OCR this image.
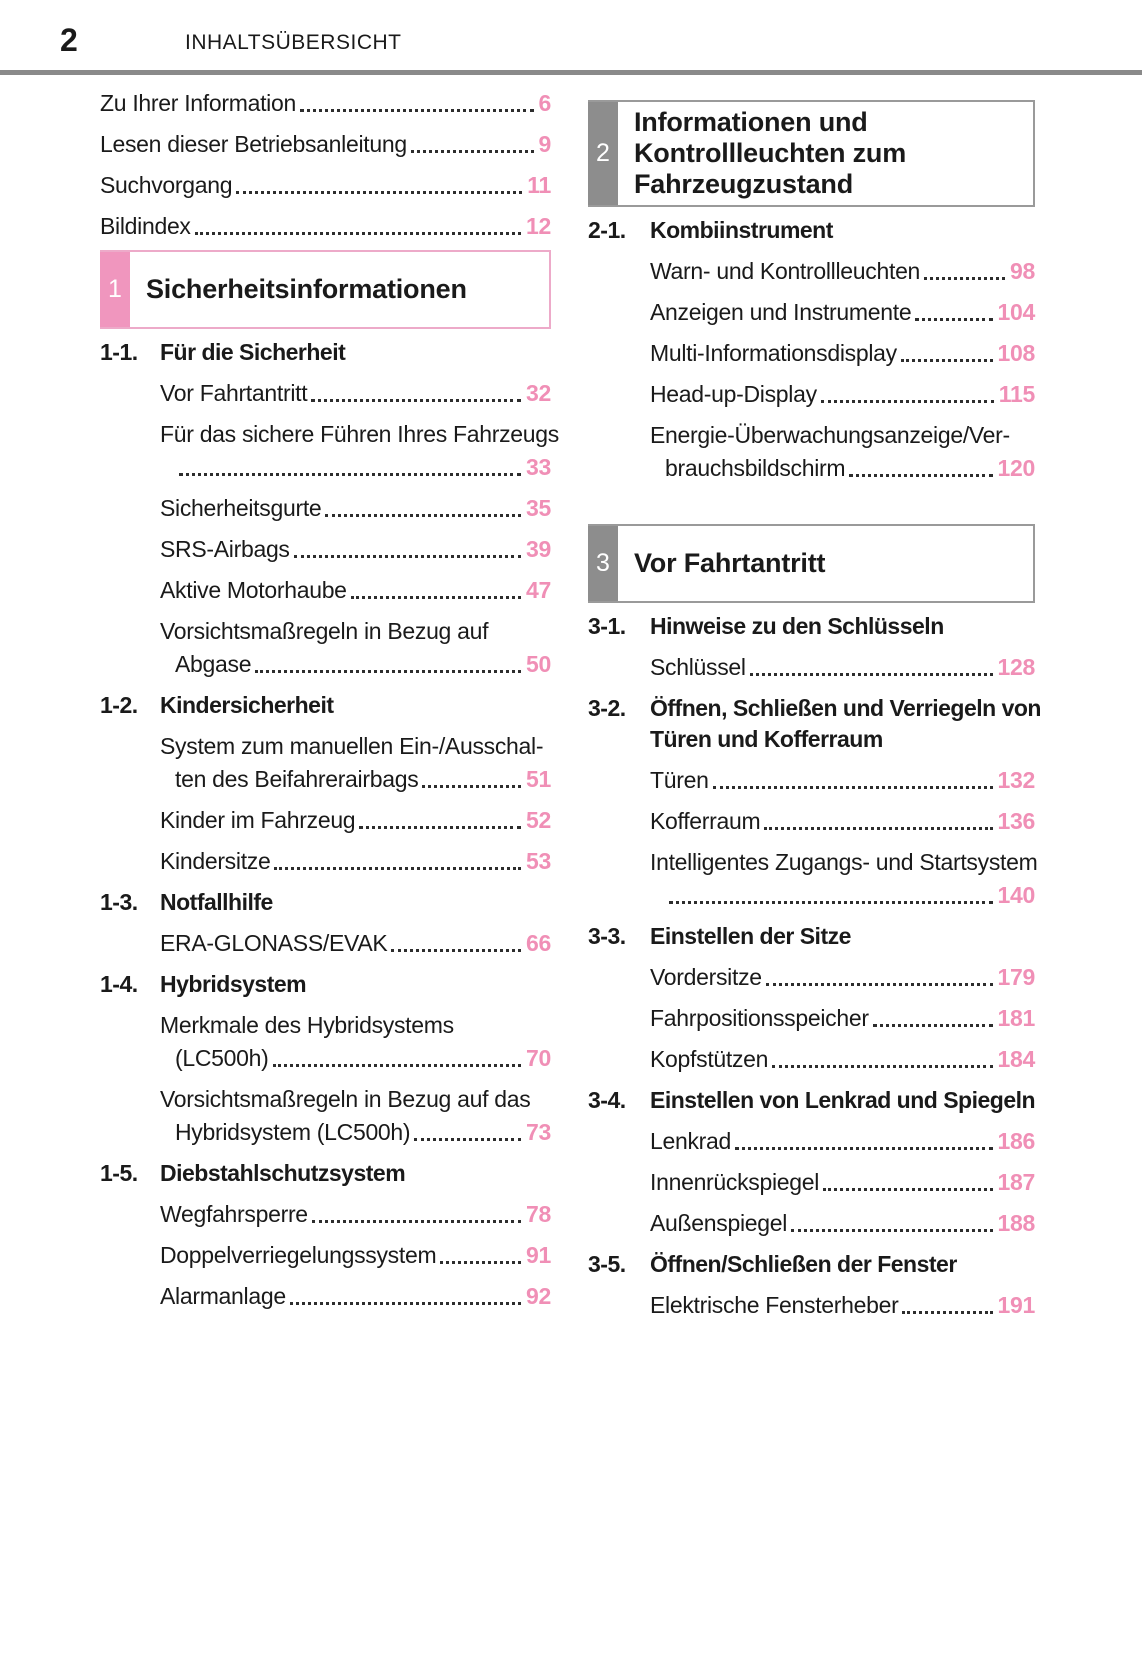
2	INHALTSÜBERSICHT
Zu Ihrer Information	6
Lesen dieser Betriebsanleitung	9
Suchvorgang	11
Bildindex	12
1 Sicherheitsinformationen
1-1. Für die Sicherheit
Vor Fahrtantritt	32
Für das sichere Führen Ihres Fahrzeugs
33
Sicherheitsgurte	35
SRS-Airbags	39
Aktive Motorhaube	47
Vorsichtsmaßregeln in Bezug auf
Abgase	50
1-2. Kindersicherheit
System zum manuellen Ein-/Ausschal-
ten des Beifahrerairbags	51
Kinder im Fahrzeug	52
Kindersitze	53
1-3. Notfallhilfe
ERA-GLONASS/EVAK	66
1-4. Hybridsystem
Merkmale des Hybridsystems
(LC500h)	70
Vorsichtsmaßregeln in Bezug auf das
Hybridsystem (LC500h)	73
1-5. Diebstahlschutzsystem
Wegfahrsperre	78
Doppelverriegelungssystem	91
Alarmanlage	92
2
Informationen und
Kontrollleuchten zum
Fahrzeugzustand
2-1.	Kombiinstrument
Warn- und Kontrollleuchten	98
Anzeigen und Instrumente	104
Multi-Informationsdisplay	108
Head-up-Display	115
Energie-Überwachungsanzeige/Ver-
brauchsbildschirm	120
3 Vor Fahrtantritt
3-1.	Hinweise zu den Schlüsseln
Schlüssel	128
3-2.	Öffnen, Schließen und Verriegeln von
Türen und Kofferraum
Türen	132
Kofferraum	136
Intelligentes Zugangs- und Startsystem
140
3-3.	Einstellen der Sitze
Vordersitze	179
Fahrpositionsspeicher	181
Kopfstützen	184
3-4.	Einstellen von Lenkrad und Spiegeln
Lenkrad	186
Innenrückspiegel	187
Außenspiegel	188
3-5.	Öffnen/Schließen der Fenster
Elektrische Fensterheber	191
